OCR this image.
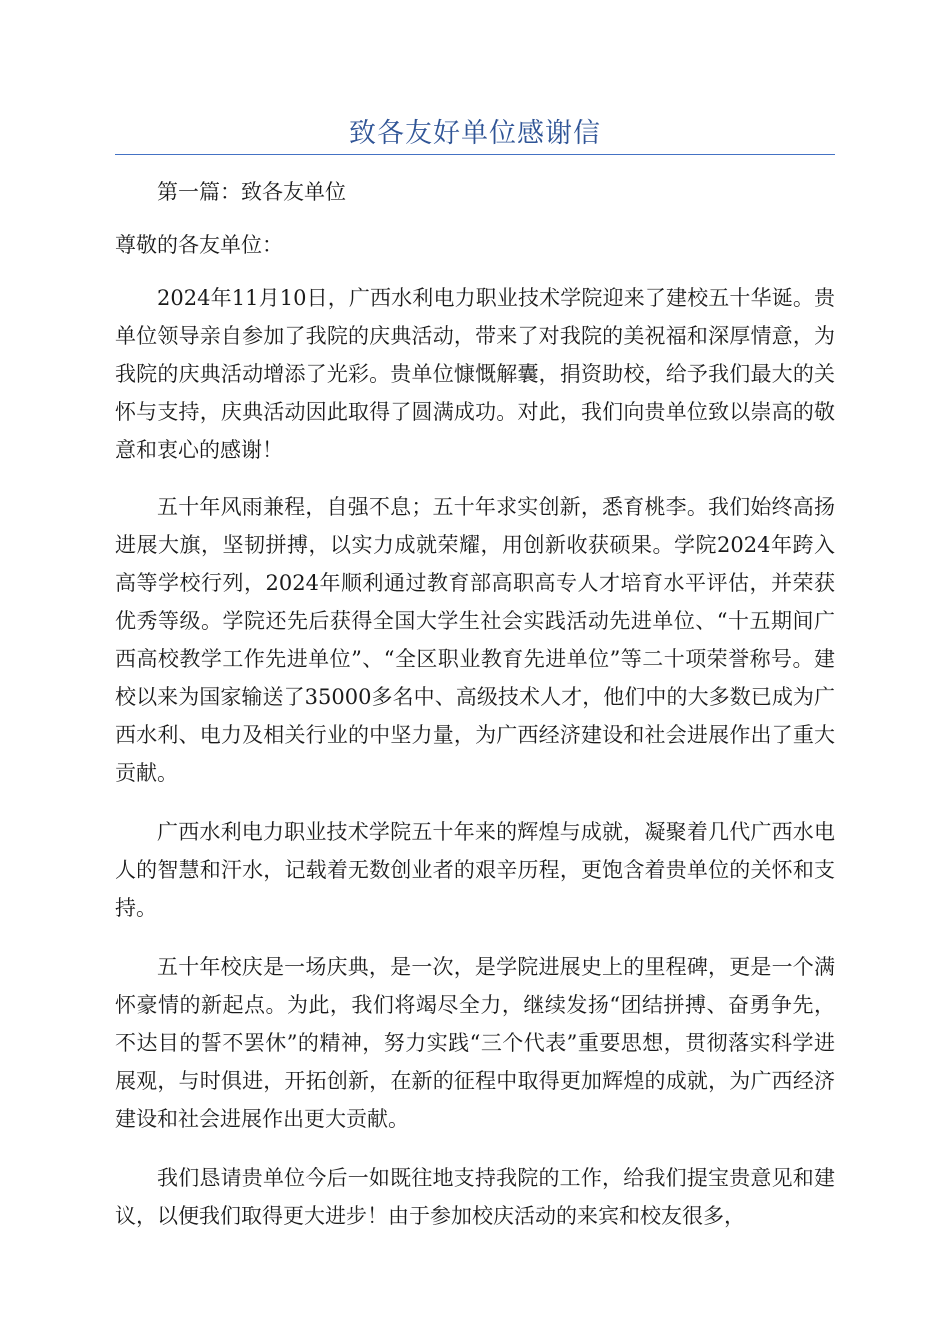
致各友好单位感谢信

第一篇：致各友单位

尊敬的各友单位：

2024年11月10日，广西水利电力职业技术学院迎来了建校五十华诞。贵单位领导亲自参加了我院的庆典活动，带来了对我院的美祝福和深厚情意，为我院的庆典活动增添了光彩。贵单位慷慨解囊，捐资助校，给予我们最大的关怀与支持，庆典活动因此取得了圆满成功。对此，我们向贵单位致以崇高的敬意和衷心的感谢！

五十年风雨兼程，自强不息；五十年求实创新，悉育桃李。我们始终高扬进展大旗，坚韧拼搏，以实力成就荣耀，用创新收获硕果。学院2024年跨入高等学校行列，2024年顺利通过教育部高职高专人才培育水平评估，并荣获优秀等级。学院还先后获得全国大学生社会实践活动先进单位、“十五期间广西高校教学工作先进单位”、“全区职业教育先进单位”等二十项荣誉称号。建校以来为国家输送了35000多名中、高级技术人才，他们中的大多数已成为广西水利、电力及相关行业的中坚力量，为广西经济建设和社会进展作出了重大贡献。

广西水利电力职业技术学院五十年来的辉煌与成就，凝聚着几代广西水电人的智慧和汗水，记载着无数创业者的艰辛历程，更饱含着贵单位的关怀和支持。

五十年校庆是一场庆典，是一次，是学院进展史上的里程碑，更是一个满怀豪情的新起点。为此，我们将竭尽全力，继续发扬“团结拼搏、奋勇争先，不达目的誓不罢休”的精神，努力实践“三个代表”重要思想，贯彻落实科学进展观，与时俱进，开拓创新，在新的征程中取得更加辉煌的成就，为广西经济建设和社会进展作出更大贡献。

我们恳请贵单位今后一如既往地支持我院的工作，给我们提宝贵意见和建议，以便我们取得更大进步！由于参加校庆活动的来宾和校友很多，
